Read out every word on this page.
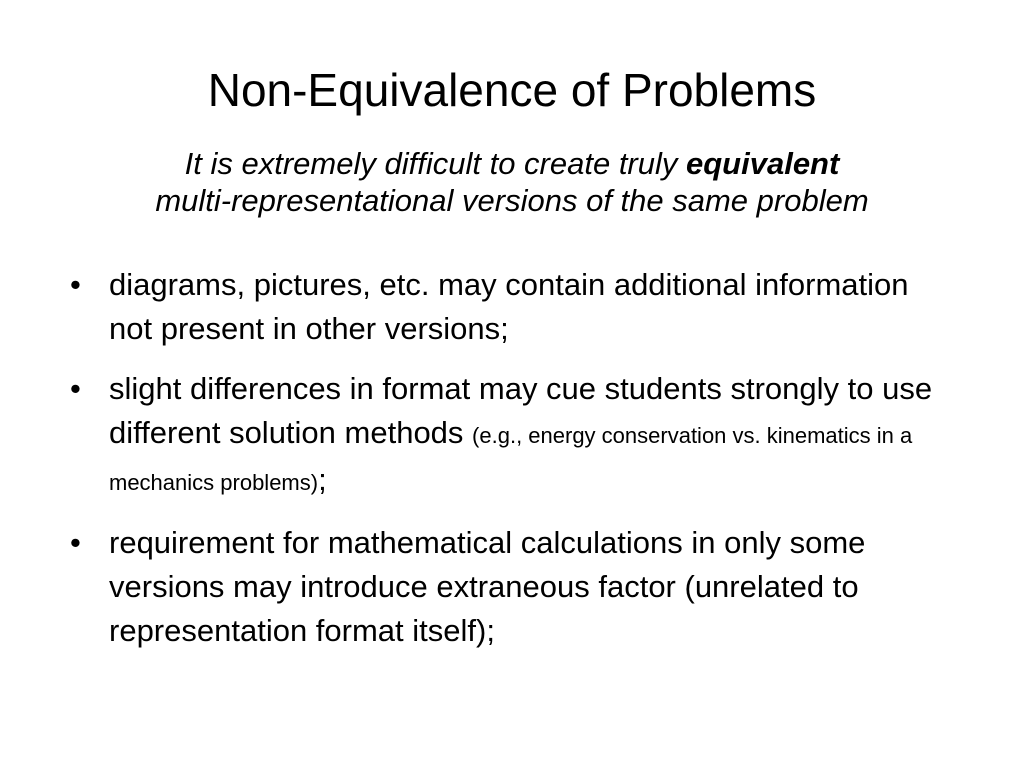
Non-Equivalence of Problems

It is extremely difficult to create truly equivalent
multi-representational versions of the same problem

• diagrams, pictures, etc. may contain additional information not present in other versions;
• slight differences in format may cue students strongly to use different solution methods (e.g., energy conservation vs. kinematics in a mechanics problems);
• requirement for mathematical calculations in only some versions may introduce extraneous factor (unrelated to representation format itself);
